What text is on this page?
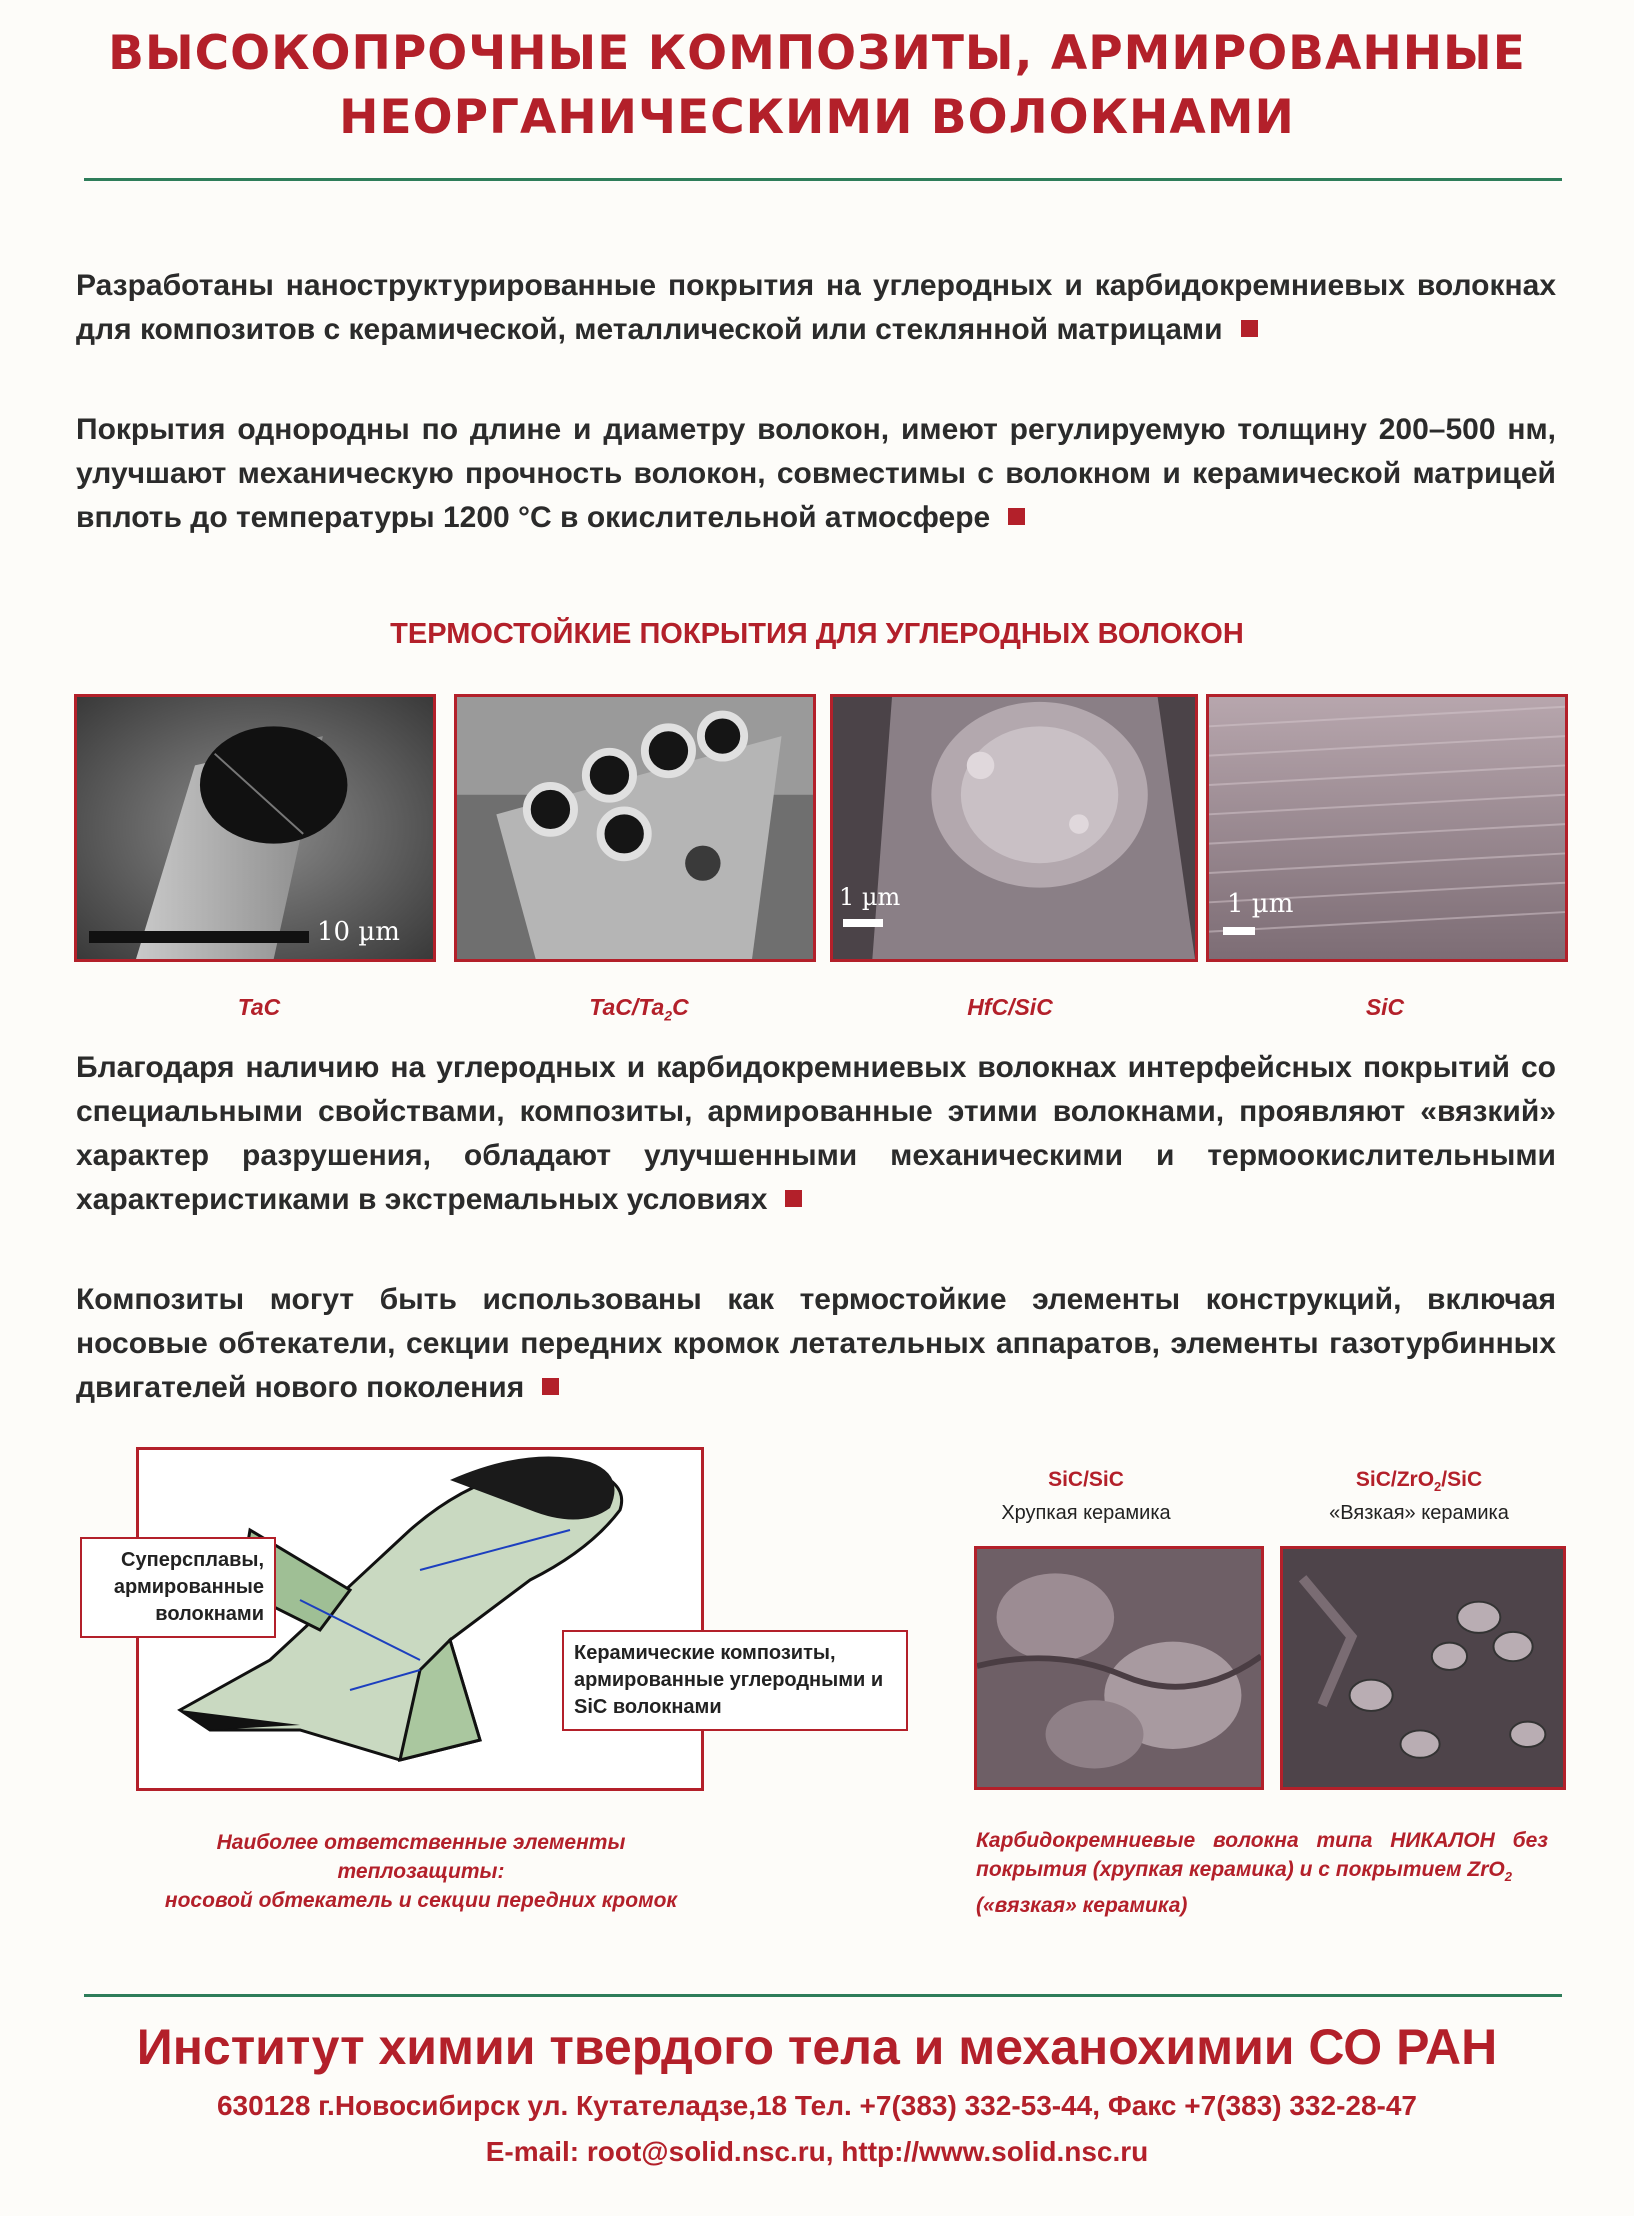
ВЫСОКОПРОЧНЫЕ КОМПОЗИТЫ, АРМИРОВАННЫЕ
НЕОРГАНИЧЕСКИМИ ВОЛОКНАМИ
Разработаны наноструктурированные покрытия на углеродных и карбидокремниевых волокнах для композитов с керамической, металлической или стеклянной матрицами
Покрытия однородны по длине и диаметру волокон, имеют регулируемую толщину 200–500 нм, улучшают механическую прочность волокон, совместимы с волокном и керамической матрицей вплоть до температуры 1200 °C в окислительной атмосфере
ТЕРМОСТОЙКИЕ ПОКРЫТИЯ ДЛЯ УГЛЕРОДНЫХ ВОЛОКОН
10 µm
1 µm	1 µm
TaC	TaC/$Ta_2C$	HfC/SiC	SiC
Благодаря наличию на углеродных и карбидокремниевых волокнах интерфейсных покрытий со специальными свойствами, композиты, армированные этими волокнами, проявляют «вязкий» характер разрушения, обладают улучшенными механическими и термоокислительными характеристиками в экстремальных условиях
Композиты могут быть использованы как термостойкие элементы конструкций, включая носовые обтекатели, секции передних кромок летательных аппаратов, элементы газотурбинных двигателей нового поколения
Суперсплавы, армированные волокнами
Керамические композиты, армированные углеродными и SiC волокнами
Наиболее ответственные элементы теплозащиты:
носовой обтекатель и секции передних кромок
SiC/SiC
Хрупкая керамика
SiC/ZrO$_2$/SiC
«Вязкая» керамика
Карбидокремниевые волокна типа НИКАЛОН без
покрытия (хрупкая керамика) и с покрытием ZrO$_2$
(«вязкая» керамика)
Институт химии твердого тела и механохимии СО РАН
630128 г.Новосибирск ул. Кутателадзе,18 Тел. +7(383) 332-53-44, Факс +7(383) 332-28-47
E-mail: root@solid.nsc.ru, http://www.solid.nsc.ru
